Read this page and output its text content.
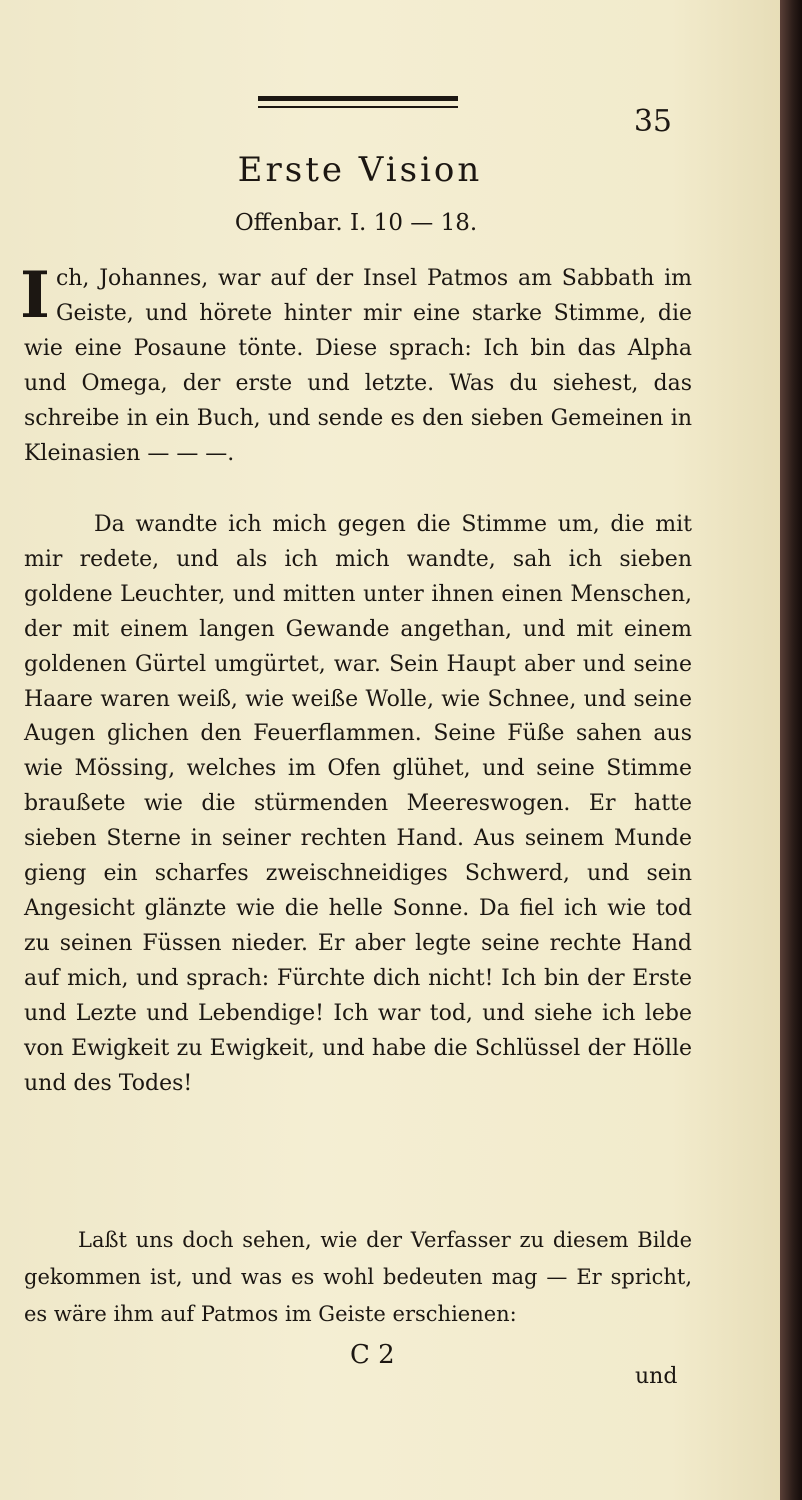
35
Erste Vision
Offenbar. I. 10 — 18.

Ich, Johannes, war auf der Insel Patmos am Sabbath im Geiste, und hörete hinter mir eine starke Stimme, die wie eine Posaune tönte. Diese sprach: Ich bin das Alpha und Omega, der erste und letzte. Was du siehest, das schreibe in ein Buch, und sende es den sieben Gemeinen in Kleinasien — — —.

Da wandte ich mich gegen die Stimme um, die mit mir redete, und als ich mich wandte, sah ich sieben goldene Leuchter, und mitten unter ihnen einen Menschen, der mit einem langen Gewande angethan, und mit einem goldenen Gürtel umgürtet, war. Sein Haupt aber und seine Haare waren weiß, wie weiße Wolle, wie Schnee, und seine Augen glichen den Feuerflammen. Seine Füße sahen aus wie Mössing, welches im Ofen glühet, und seine Stimme braußete wie die stürmenden Meereswogen. Er hatte sieben Sterne in seiner rechten Hand. Aus seinem Munde gieng ein scharfes zweischneidiges Schwerd, und sein Angesicht glänzte wie die helle Sonne. Da fiel ich wie tod zu seinen Füssen nieder. Er aber legte seine rechte Hand auf mich, und sprach: Fürchte dich nicht! Ich bin der Erste und Lezte und Lebendige! Ich war tod, und siehe ich lebe von Ewigkeit zu Ewigkeit, und habe die Schlüssel der Hölle und des Todes!

Laßt uns doch sehen, wie der Verfasser zu diesem Bilde gekommen ist, und was es wohl bedeuten mag — Er spricht, es wäre ihm auf Patmos im Geiste erschienen:

C 2
und
